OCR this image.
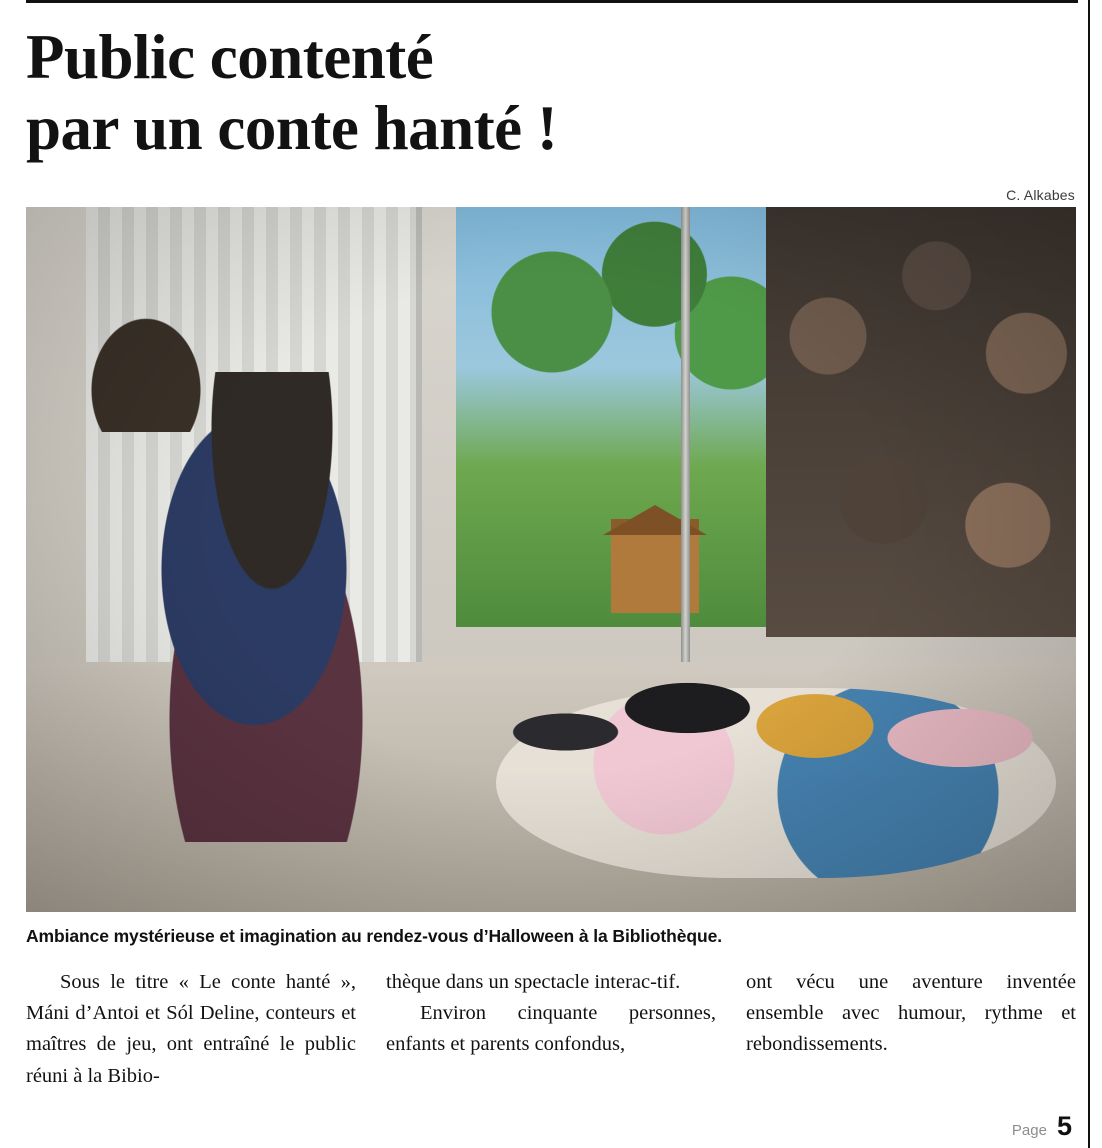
Public contenté
par un conte hanté !
C. Alkabes
Ambiance mystérieuse et imagination au rendez-vous d’Halloween à la Bibliothèque.

Sous le titre « Le conte hanté », Máni d’Antoi et Sól Deline, conteurs et maîtres de jeu, ont entraîné le public réuni à la Bibio-

thèque dans un spectacle interac-tif.

Environ cinquante personnes, enfants et parents confondus,

ont vécu une aventure inventée ensemble avec humour, rythme et rebondissements.

Page 5
